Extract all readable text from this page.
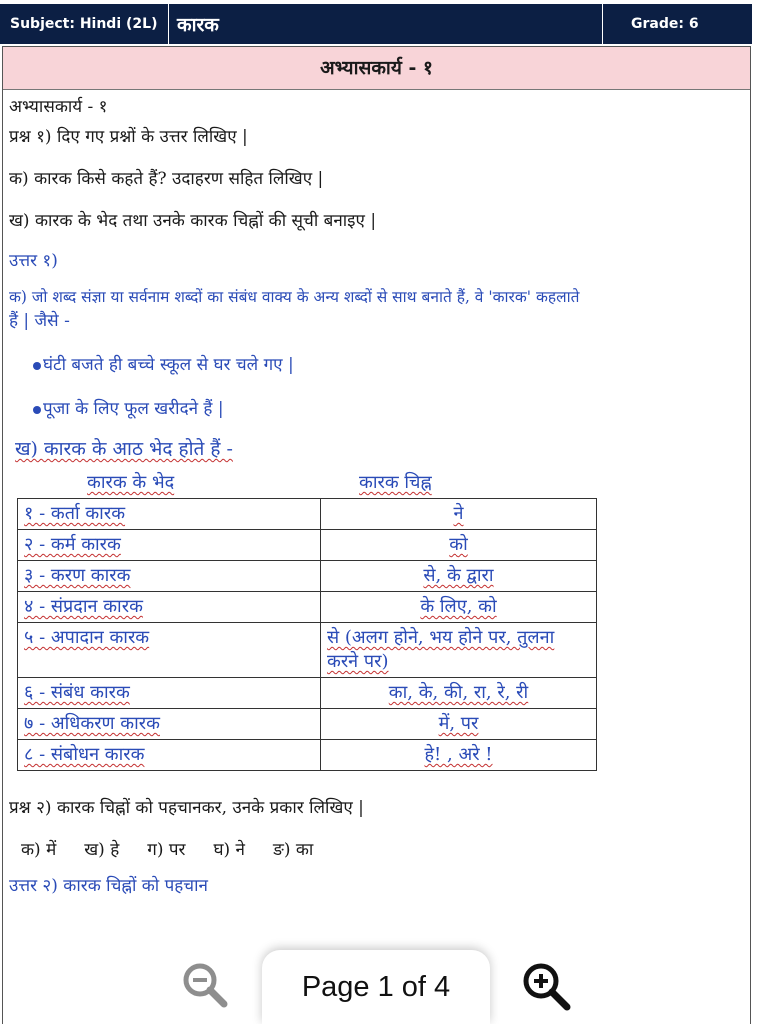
Subject: Hindi (2L)	कारक	Grade: 6
अभ्यासकार्य - १

अभ्यासकार्य - १

प्रश्न १) दिए गए प्रश्नों के उत्तर लिखिए |

क) कारक किसे कहते हैं? उदाहरण सहित लिखिए |

ख) कारक के भेद तथा उनके कारक चिह्नों की सूची बनाइए |

उत्तर १)

क) जो शब्द संज्ञा या सर्वनाम शब्दों का संबंध वाक्य के अन्य शब्दों से साथ बनाते हैं, वे 'कारक' कहलाते

हैं | जैसे -

घंटी बजते ही बच्चे स्कूल से घर चले गए |
पूजा के लिए फूल खरीदने हैं |

ख) कारक के आठ भेद होते हैं -

कारक के भेद	कारक चिह्न
१ - कर्ता कारक	ने
२ - कर्म कारक	को
३ - करण कारक	से, के द्वारा
४ - संप्रदान कारक	के लिए, को
५ - अपादान कारक	से (अलग होने, भय होने पर, तुलना करने पर)
६ - संबंध कारक	का, के, की, रा, रे, री
७ - अधिकरण कारक	में, पर
८ - संबोधन कारक	हे! , अरे !

प्रश्न २) कारक चिह्नों को पहचानकर, उनके प्रकार लिखिए |

क) में ख) हे ग) पर घ) ने ङ) का

उत्तर २) कारक चिह्नों को पहचान

Page 1 of 4
